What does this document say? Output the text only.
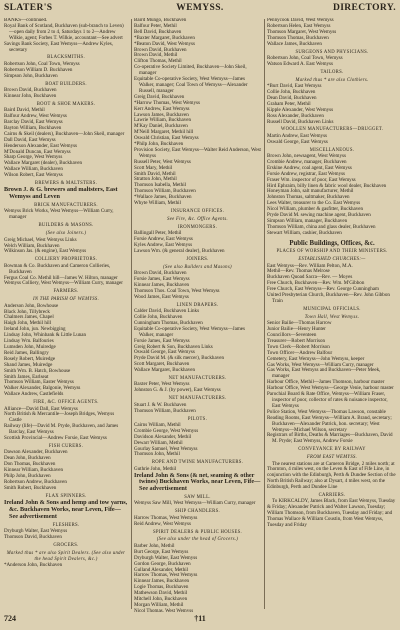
SLATER'S	WEMYSS.	DIRECTORY.
BANKS—continued.
Royal Bank of Scotland, Buckhaven (sub-branch to Leven)—open daily from 2 to 4, Saturdays 1 to 2—Andrew Wilkie, agent; Forbes T. Wilkie, accountant—See advert
Savings Bank Society, East Wemyss—Andrew Kyles, secretary
BLACKSMITHS.
Robertson John, Coal Town, Wemyss
Robertson William D. Buckhaven
Simpson John, Buckhaven
BOAT BUILDERS.
Brown David, Buckhaven
Kinnear John, Buckhaven
BOOT & SHOE MAKERS.
Baird David, Methil
Balfour Andrew, West Wemyss
Barclay David, East Wemyss
Bayton William, Buckhaven
Cairns & Skeil (dealers), Buckhaven—John Skeil, manager
Dall David, East Wemyss
Henderson Alexander, East Wemyss
M'Donald Duncan, East Wemyss
Sharp George, West Wemyss
Wallace Margaret (dealer), Buckhaven
Wallace William, Buckhaven
Wilson Robert, East Wemyss
BREWERS & MALTSTERS.
Brown J. & G. brewers and maltsters, East Wemyss and Leven
BRICK MANUFACTURERS.
Wemyss Brick Works, West Wemyss—William Curry, manager
BUILDERS & MASONS.
(See also Joiners.)
Greig Michael, West Wemyss Links
Welch William, Buckhaven
Wilkinson Jas. (& engine), East Wemyss
COLLIERY PROPRIETORS.
Bowman & Co. Buckhaven and Cameron Collieries, Buckhaven
Fergus Coal Co. Methil hill—James W. Hilton, manager
Wemyss Colliery, West Wemyss—William Curry, manager
FARMERS.
IN THE PARISH OF WEMYSS.
Anderson John, Bowhouse
Black John, Tillybreck
Chalmers James, Chapel
Haigh John, Methil hill
Ireland John, jun. Newbigging
Lindsay John, Whinbank & Little Lunan
Lindsay Wm. Balfouries
Lumsden John, Muiredge
Reid James, Ballingry
Rosely Robert, Muiredge
Shand James, Muiredge
Smith Wm. B. Hatch, Bowhouse
Smith James, Earlseat
Thomson William, Easter Wemyss
Walker Alexander, Balgonie, Wemyss
Wallace Andrew, Castlefields
FIRE, &C. OFFICE AGENTS.
Alliance—David Dall, East Wemyss
North British & Mercantile—Joseph Bridges, Wemyss Castle
Railway (life)—David M. Pryde, Buckhaven, and James Barclay, East Wemyss
Scottish Provincial—Andrew Forsie, East Wemyss
FISH CURERS.
Dawson Alexander, Buckhaven
Dean John, Buckhaven
Don Thomas, Buckhaven
Kinnear William, Buckhaven
Philp John, Buckhaven
Robertson Andrew, Buckhaven
Smith Robert, Buckhaven
FLAX SPINNERS.
Ireland John & Sons and hemp and tow yarns, &c. Buckhaven Works, near Leven, Fife—See advertisement
FLESHERS.
Dryburgh Walter, East Wemyss
Thomson David, Buckhaven
GROCERS.
Marked thus * are also Spirit Dealers. (See also under the head Spirit Dealers, &c.)
*Anderson John, Buckhaven
Baird Mungo, Buckhaven
Balfour Peter, Methil
Bell David, Buckhaven
*Baxter Margaret, Buckhaven
*Beaton David, West Wemyss
Brown David, Buckhaven
Brown David, Methil
Clifton Thomas, Methil
Co-operative Society Limited, Buckhaven—John Skeil, manager
Equitable Co-operative Society, West Wemyss—James Walker, manager; Coal Town of Wemyss—Alexander Russell, manager
Greig David, Buckhaven
*Harrow Thomas, West Wemyss
Kerr Andrew, East Wemyss
Lawson James, Buckhaven
Lawrie William, Buckhaven
M'Kay Daniel, Buckhaven
M'Neill Margaret, Methil hill
Oswald Christian, East Wemyss
*Philp John, Buckhaven
Provision Society, East Wemyss—Walter Reid Anderson, West Wemyss
Russell Peter, West Wemyss
Scott Mary, Methil
Smith David, Methil
Stratton John, Methil
Thomson Isabella, Methil
Thomson William, Buckhaven
*Wallace James, Buckhaven
Whyte William, Methil
INSURANCE OFFICES.
See Fire, &c. Office Agents.
IRONMONGERS.
Ballingall Peter, Methil
Forsie Andrew, East Wemyss
Kyles Andrew, East Wemyss
Lawson Wm. (& general dealer), Buckhaven
JOINERS.
(See also Builders and Masons)
Brown David, Buckhaven
Forsie James, East Wemyss
Kinnear James, Buckhaven
Thomson Thos. Coal Town, West Wemyss
Wood James, East Wemyss
LINEN DRAPERS.
Calder David, Buckhaven Links
Collie John, Buckhaven
Cunningham Thomas, Buckhaven
Equitable Co-operative Society, West Wemyss—James Walker, manager
Forsie James, East Wemyss
Greig Robert & Son, Buckhaven Links
Oswald George, East Wemyss
Pryde David M. (& silk mercer), Buckhaven
Scott Margaret, Buckhaven
Wallace Margaret, Buckhaven
NET MANUFACTURERS.
Baxter Peter, West Wemyss
Johnston G. & J. (by power), East Wemyss
NET MANUFACTURERS.
Stuart J. & W. Buckhaven
Thomson William, Buckhaven
PILOTS.
Cairns William, Methil
Crombie George, West Wemyss
Davidson Alexander, Methil
Dewarr William, Methil
Gourlay Samuel, West Wemyss
Thomson John, Methil
ROPE AND TWINE MANUFACTURERS.
Guthrie John, Methil
Ireland John & Sons (& net, seaming & other twines) Buckhaven Works, near Leven, Fife—See advertisement
SAW MILL.
Wemyss Saw Mill, West Wemyss—William Curry, manager
SHIP CHANDLERS.
Harrow Thomas, West Wemyss
Reid Andrew, West Wemyss
SPIRIT DEALERS & PUBLIC HOUSES.
(See also under the head of Grocers.)
Barber John, Methil
Burt George, East Wemyss
Dryburgh Walter, East Wemyss
Gordon George, Buckhaven
Gulland Alexander, Methil
Harrow Thomas, West Wemyss
Kinnear James, Buckhaven
Logie Thomas, Buckhaven
Mathewson David, Methil
Mitchell John, Buckhaven
Morgan William, Methil
Nicol Thomas, West Wemyss
Pennycook David, West Wemyss
Robertson Helen, East Wemyss
Thomson Margaret, West Wemyss
Thomson Thomas, Buckhaven
Wallace James, Buckhaven
SURGEONS AND PHYSICIANS.
Robertson John, Coal Town, Wemyss
Watson Edward A. East Wemyss
TAILORS.
Marked thus * are also Clothiers.
*Burt David, East Wemyss
Collie John, Buckhaven
Dean David, Buckhaven
Graham Peter, Methil
Kipple Alexander, West Wemyss
Ross Alexander, Buckhaven
Russell David, Buckhaven Links
WOOLLEN MANUFACTURERS—DRUGGET.
Martin Andrew, East Wemyss
Oswald George, East Wemyss
MISCELLANEOUS.
Brown John, newsagent, West Wemyss
Crombie Andrew, manager, Buckhaven
Erskine Andrew, coal agent, East Wemyss
Forsie Andrew, registrar, East Wemyss
Fraser Wm. inspector of poor, East Wemyss
Hird Ephraim, billy linen & fabric wool dealer, Buckhaven
Honeyman John, salt manufacturer, Methil
Johnston Thomas, saltmaker, Buckhaven
Lees Walter, treasurer to the Co. East Wemyss
Nicol William, plumber & gasfitter, Buckhaven
Pryde David M. sewing machine agent, Buckhaven
Simpson William, manager, Buckhaven
Thomson William, china and glass dealer, Buckhaven
Stewart William, cashier, Buckhaven
Public Buildings, Offices, &c.
PLACES OF WORSHIP AND THEIR MINISTERS.
ESTABLISHED CHURCHES:—
East Wemyss—Rev. William Pelton, M.A.
Methil—Rev. Thomas Melrose
Buckhaven Quoad Sacra—Rev. — Moyes
Free Church, Buckhaven—Rev. Wm. M'Gibbon
Free Church, East Wemyss—Rev. George Cunningham
United Presbyterian Church, Buckhaven—Rev. John Gibbon Train
MUNICIPAL OFFICIALS.
Town Hall, West Wemyss.
Senior Bailie—Thomas Harrow
Junior Bailie—Henry Hunter
Councillors—Seventeen
Treasurer—Robert Morrison
Town Clerk—Robert Morrison
Town Officer—Andrew Balfour
Cemetery, East Wemyss—John Wemyss, keeper
Gas Works, West Wemyss—William Curry, manager
Gas Works, East Wemyss and Buckhaven—Peter Meek, manager
Harbour Office, Methil—James Thomson, harbour master
Harbour Office, West Wemyss—George Venie, harbour master
Parochial Board & Rate Office, Wemyss—William Fraser, inspector of poor, collector of rates & nuisance inspector, East Wemyss
Police Station, West Wemyss—Thomas Lawson, constable
Reading Rooms, East Wemyss—William A. Brand, secretary; Buckhaven—Alexander Patrick, hon. secretary; West Wemyss—Michael Wilson, secretary
Registrars of Births, Deaths & Marriages—Buckhaven, David M. Pryde; East Wemyss, Andrew Forsie
CONVEYANCE BY RAILWAY
FROM EAST WEMYSS.
The nearest stations are at Cameron Bridge, 2 miles north; at Thornton, 4 miles west, on the Leven & East of Fife Line, in conjunction with the Edinburgh, Perth & Dundee Section of the North British Railway; also at Dysart, 4 miles west, on the Edinburgh, Perth and Dundee Line
CARRIERS.
To KIRKCALDY, James Black, from East Wemyss, Tuesday & Friday; Alexander Patrick and Walter Lawson, Tuesday; William Thomson, from Buckhaven, Tuesday and Friday; and Thomas Wallace & William Coustin, from West Wemyss, Tuesday and Friday
724	†11
